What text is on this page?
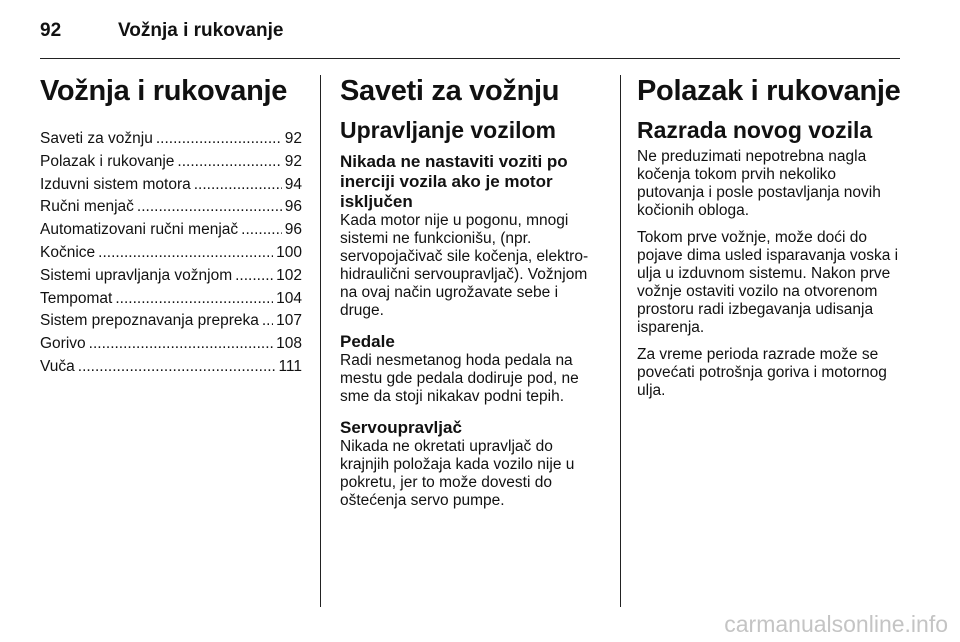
92	Vožnja i rukovanje
Vožnja i rukovanje
Saveti za vožnju .....	92
Polazak i rukovanje .....	92
Izduvni sistem motora .....	94
Ručni menjač .....	96
Automatizovani ručni menjač .....	96
Kočnice .....	100
Sistemi upravljanja vožnjom .....	102
Tempomat .....	104
Sistem prepoznavanja prepreka ..... 107
Gorivo .....	108
Vuča .....	111
Saveti za vožnju
Upravljanje vozilom
Nikada ne nastaviti voziti po inerciji vozila ako je motor isključen

Kada motor nije u pogonu, mnogi sistemi ne funkcionišu, (npr. servopojačivač sile kočenja, elektro-hidraulični servoupravljač). Vožnjom na ovaj način ugrožavate sebe i druge.

Pedale

Radi nesmetanog hoda pedala na mestu gde pedala dodiruje pod, ne sme da stoji nikakav podni tepih.

Servoupravljač

Nikada ne okretati upravljač do krajnjih položaja kada vozilo nije u pokretu, jer to može dovesti do oštećenja servo pumpe.

Polazak i rukovanje
Razrada novog vozila

Ne preduzimati nepotrebna nagla kočenja tokom prvih nekoliko putovanja i posle postavljanja novih kočionih obloga.

Tokom prve vožnje, može doći do pojave dima usled isparavanja voska i ulja u izduvnom sistemu. Nakon prve vožnje ostaviti vozilo na otvorenom prostoru radi izbegavanja udisanja isparenja.

Za vreme perioda razrade može se povećati potrošnja goriva i motornog ulja.

carmanualsonline.info
